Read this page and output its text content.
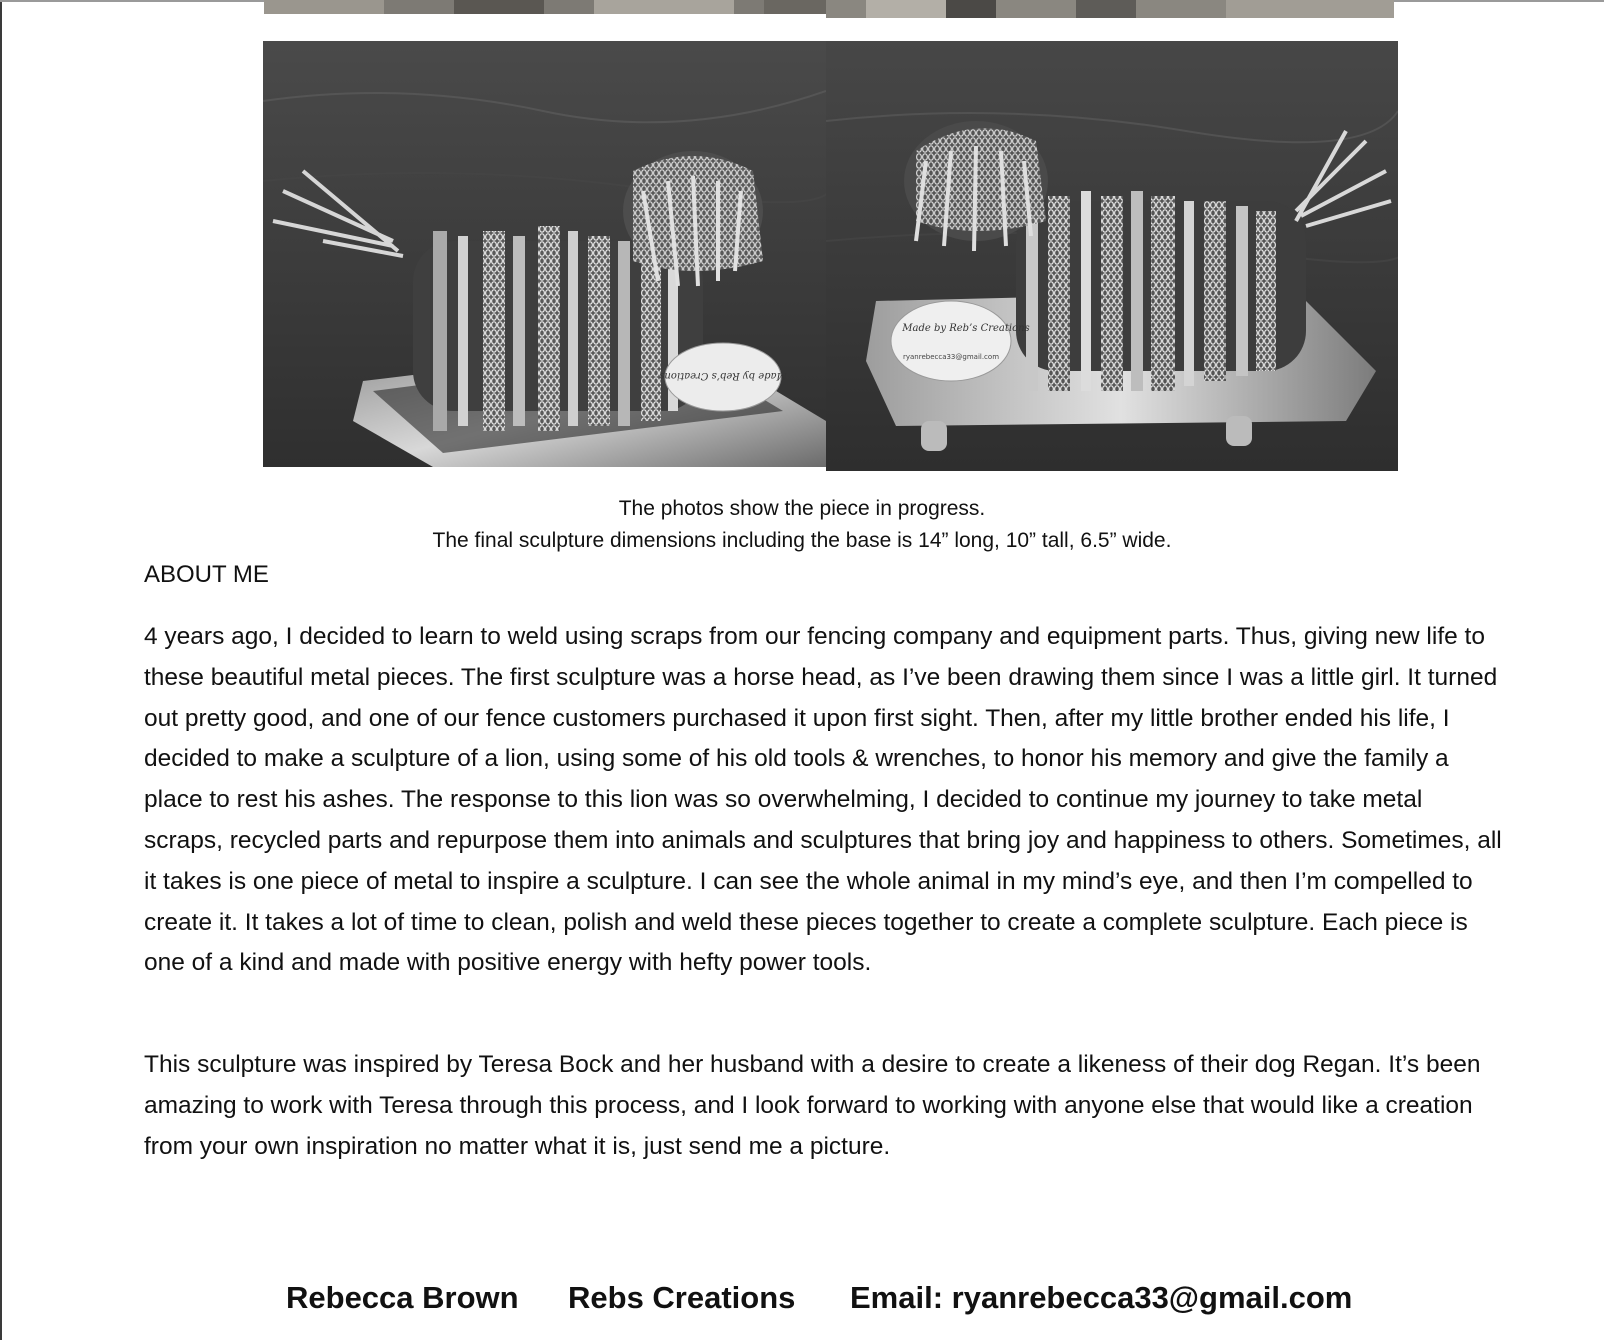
Made by Reb’s Creations
Made by Reb’s Creations
ryanrebecca33@gmail.com
The photos show the piece in progress.
The final sculpture dimensions including the base is 14” long, 10” tall, 6.5” wide.
ABOUT ME

4 years ago, I decided to learn to weld using scraps from our fencing company and equipment parts. Thus, giving new life to these beautiful metal pieces. The first sculpture was a horse head, as I’ve been drawing them since I was a little girl. It turned out pretty good, and one of our fence customers purchased it upon first sight. Then, after my little brother ended his life, I decided to make a sculpture of a lion, using some of his old tools & wrenches, to honor his memory and give the family a place to rest his ashes. The response to this lion was so overwhelming, I decided to continue my journey to take metal scraps, recycled parts and repurpose them into animals and sculptures that bring joy and happiness to others. Sometimes, all it takes is one piece of metal to inspire a sculpture. I can see the whole animal in my mind’s eye, and then I’m compelled to create it. It takes a lot of time to clean, polish and weld these pieces together to create a complete sculpture. Each piece is one of a kind and made with positive energy with hefty power tools.

This sculpture was inspired by Teresa Bock and her husband with a desire to create a likeness of their dog Regan. It’s been amazing to work with Teresa through this process, and I look forward to working with anyone else that would like a creation from your own inspiration no matter what it is, just send me a picture.

Rebecca Brown Rebs Creations Email: ryanrebecca33@gmail.com
